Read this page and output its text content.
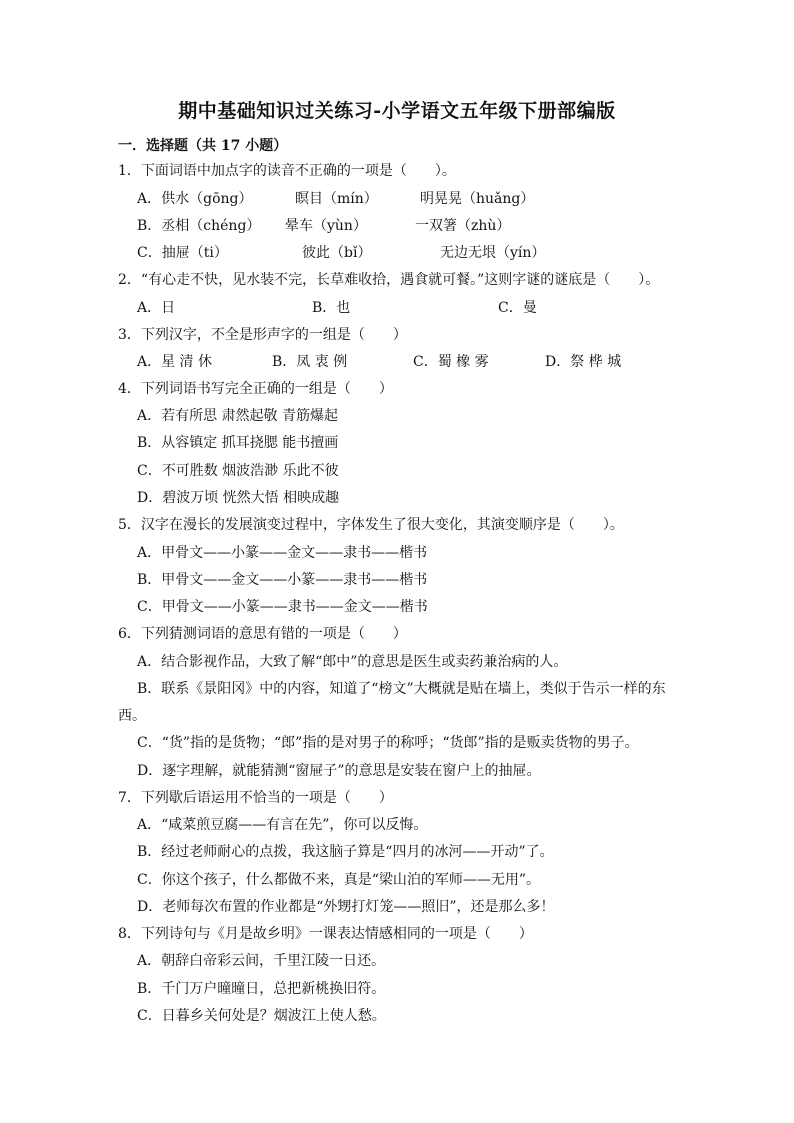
期中基础知识过关练习-小学语文五年级下册部编版
一．选择题（共 17 小题）
1．下面词语中加点字的读音不正确的一项是（　　）。
A．供水（gōng）	瞑目（mín）	明晃晃（huǎng）
B．丞相（chéng） 晕车（yùn）	一双箸（zhù）
C．抽屉（ti）	彼此（bǐ）	无边无垠（yín）
2．“有心走不快，见水装不完，长草难收拾，遇食就可餐。”这则字谜的谜底是（　　）。
A．日	B．也	C．曼
3．下列汉字，不全是形声字的一组是（　　）
A．星 清 休	B．凤 衷 例	C．蜀 橡 雾	D．祭 桦 城
4．下列词语书写完全正确的一组是（　　）
A．若有所思 肃然起敬 青筋爆起
B．从容镇定 抓耳挠腮 能书擅画
C．不可胜数 烟波浩渺 乐此不彼
D．碧波万顷 恍然大悟 相映成趣
5．汉字在漫长的发展演变过程中，字体发生了很大变化，其演变顺序是（　　）。
A．甲骨文——小篆——金文——隶书——楷书
B．甲骨文——金文——小篆——隶书——楷书
C．甲骨文——小篆——隶书——金文——楷书
6．下列猜测词语的意思有错的一项是（　　）
A．结合影视作品，大致了解“郎中”的意思是医生或卖药兼治病的人。
B．联系《景阳冈》中的内容，知道了“榜文”大概就是贴在墙上，类似于告示一样的东
西。
C．“货”指的是货物；“郎”指的是对男子的称呼；“货郎”指的是贩卖货物的男子。
D．逐字理解，就能猜测“窗屉子”的意思是安装在窗户上的抽屉。
7．下列歇后语运用不恰当的一项是（　　）
A．“咸菜煎豆腐——有言在先”，你可以反悔。
B．经过老师耐心的点拨，我这脑子算是“四月的冰河——开动”了。
C．你这个孩子，什么都做不来，真是“梁山泊的军师——无用”。
D．老师每次布置的作业都是“外甥打灯笼——照旧”，还是那么多！
8．下列诗句与《月是故乡明》一课表达情感相同的一项是（　　）
A．朝辞白帝彩云间，千里江陵一日还。
B．千门万户曈曈日，总把新桃换旧符。
C．日暮乡关何处是？烟波江上使人愁。
